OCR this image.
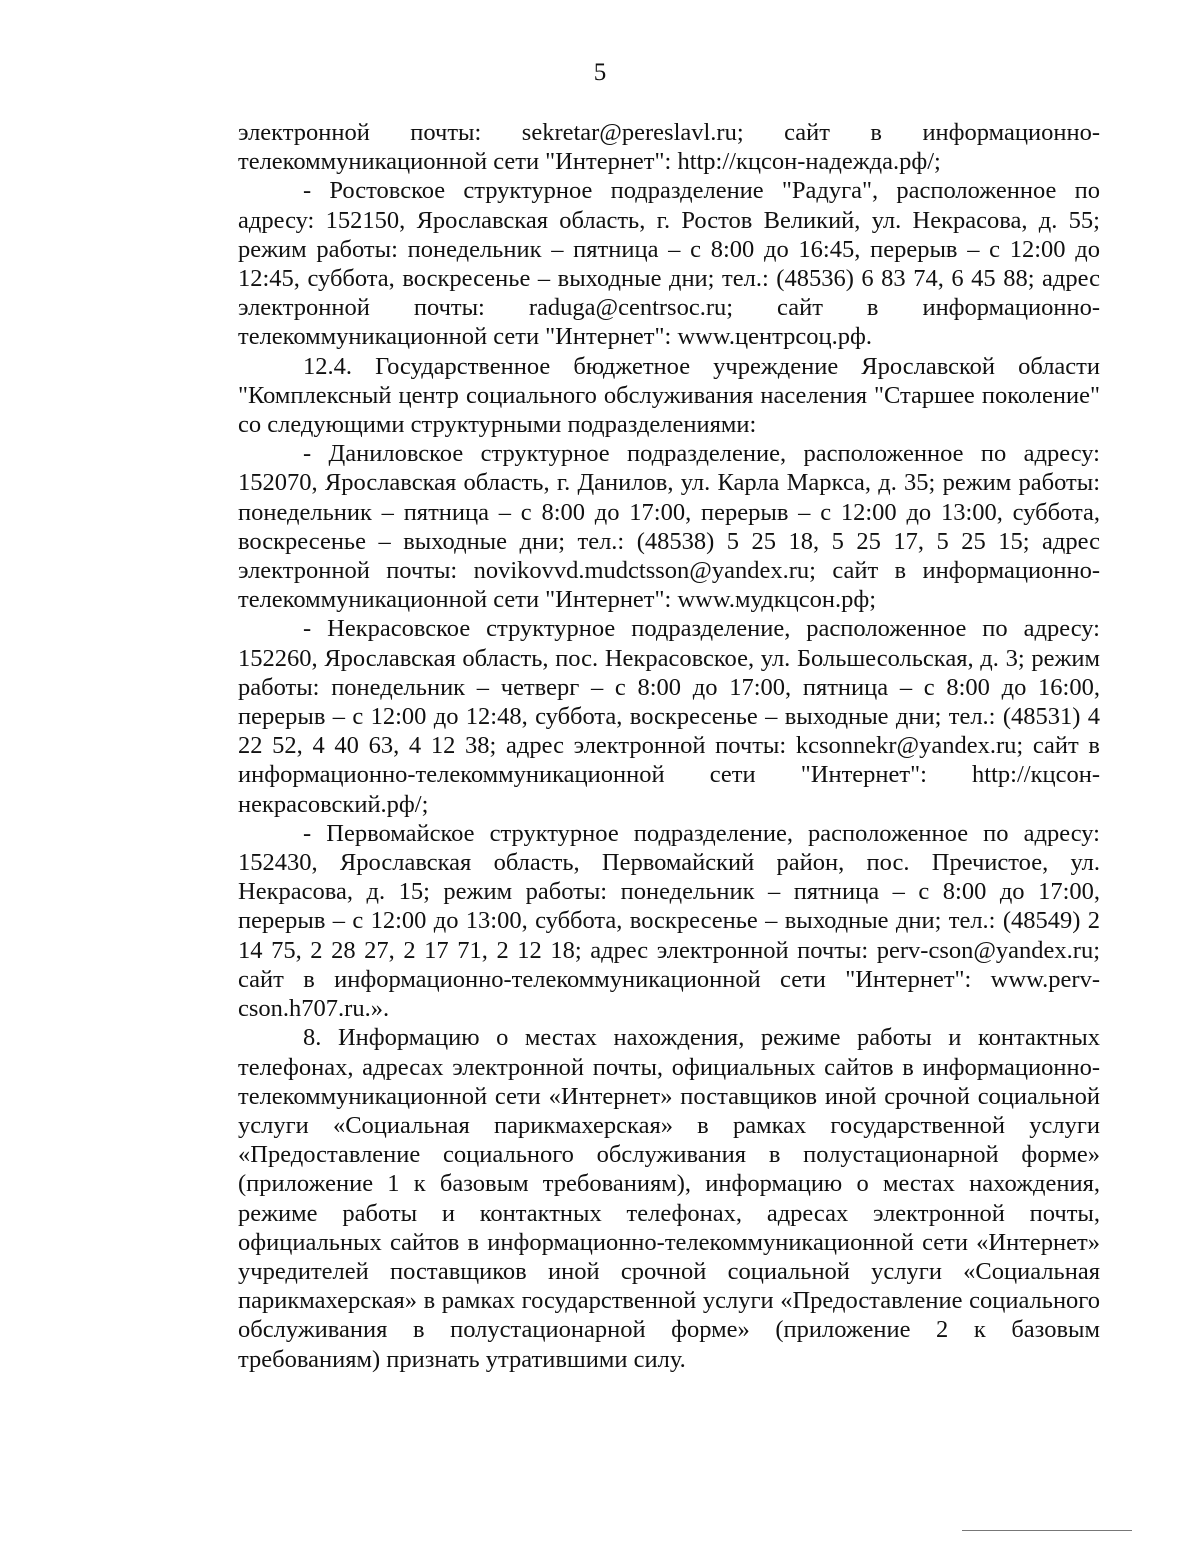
5

электронной почты: sekretar@pereslavl.ru; сайт в информационно-телекоммуникационной сети "Интернет": http://кцсон-надежда.рф/;

- Ростовское структурное подразделение "Радуга", расположенное по адресу: 152150, Ярославская область, г. Ростов Великий, ул. Некрасова, д. 55; режим работы: понедельник – пятница – с 8:00 до 16:45, перерыв – с 12:00 до 12:45, суббота, воскресенье – выходные дни; тел.: (48536) 6 83 74, 6 45 88; адрес электронной почты: raduga@centrsoc.ru; сайт в информационно-телекоммуникационной сети "Интернет": www.центрсоц.рф.

12.4. Государственное бюджетное учреждение Ярославской области "Комплексный центр социального обслуживания населения "Старшее поколение" со следующими структурными подразделениями:

- Даниловское структурное подразделение, расположенное по адресу: 152070, Ярославская область, г. Данилов, ул. Карла Маркса, д. 35; режим работы: понедельник – пятница – с 8:00 до 17:00, перерыв – с 12:00 до 13:00, суббота, воскресенье – выходные дни; тел.: (48538) 5 25 18, 5 25 17, 5 25 15; адрес электронной почты: novikovvd.mudctsson@yandex.ru; сайт в информационно-телекоммуникационной сети "Интернет": www.мудкцсон.рф;

- Некрасовское структурное подразделение, расположенное по адресу: 152260, Ярославская область, пос. Некрасовское, ул. Большесольская, д. 3; режим работы: понедельник – четверг – с 8:00 до 17:00, пятница – с 8:00 до 16:00, перерыв – с 12:00 до 12:48, суббота, воскресенье – выходные дни; тел.: (48531) 4 22 52, 4 40 63, 4 12 38; адрес электронной почты: kcsonnekr@yandex.ru; сайт в информационно-телекоммуникационной сети "Интернет": http://кцсон-некрасовский.рф/;

- Первомайское структурное подразделение, расположенное по адресу: 152430, Ярославская область, Первомайский район, пос. Пречистое, ул. Некрасова, д. 15; режим работы: понедельник – пятница – с 8:00 до 17:00, перерыв – с 12:00 до 13:00, суббота, воскресенье – выходные дни; тел.: (48549) 2 14 75, 2 28 27, 2 17 71, 2 12 18; адрес электронной почты: perv-cson@yandex.ru; сайт в информационно-телекоммуникационной сети "Интернет": www.perv-cson.h707.ru.».

8. Информацию о местах нахождения, режиме работы и контактных телефонах, адресах электронной почты, официальных сайтов в информационно-телекоммуникационной сети «Интернет» поставщиков иной срочной социальной услуги «Социальная парикмахерская» в рамках государственной услуги «Предоставление социального обслуживания в полустационарной форме» (приложение 1 к базовым требованиям), информацию о местах нахождения, режиме работы и контактных телефонах, адресах электронной почты, официальных сайтов в информационно-телекоммуникационной сети «Интернет» учредителей поставщиков иной срочной социальной услуги «Социальная парикмахерская» в рамках государственной услуги «Предоставление социального обслуживания в полустационарной форме» (приложение 2 к базовым требованиям) признать утратившими силу.
